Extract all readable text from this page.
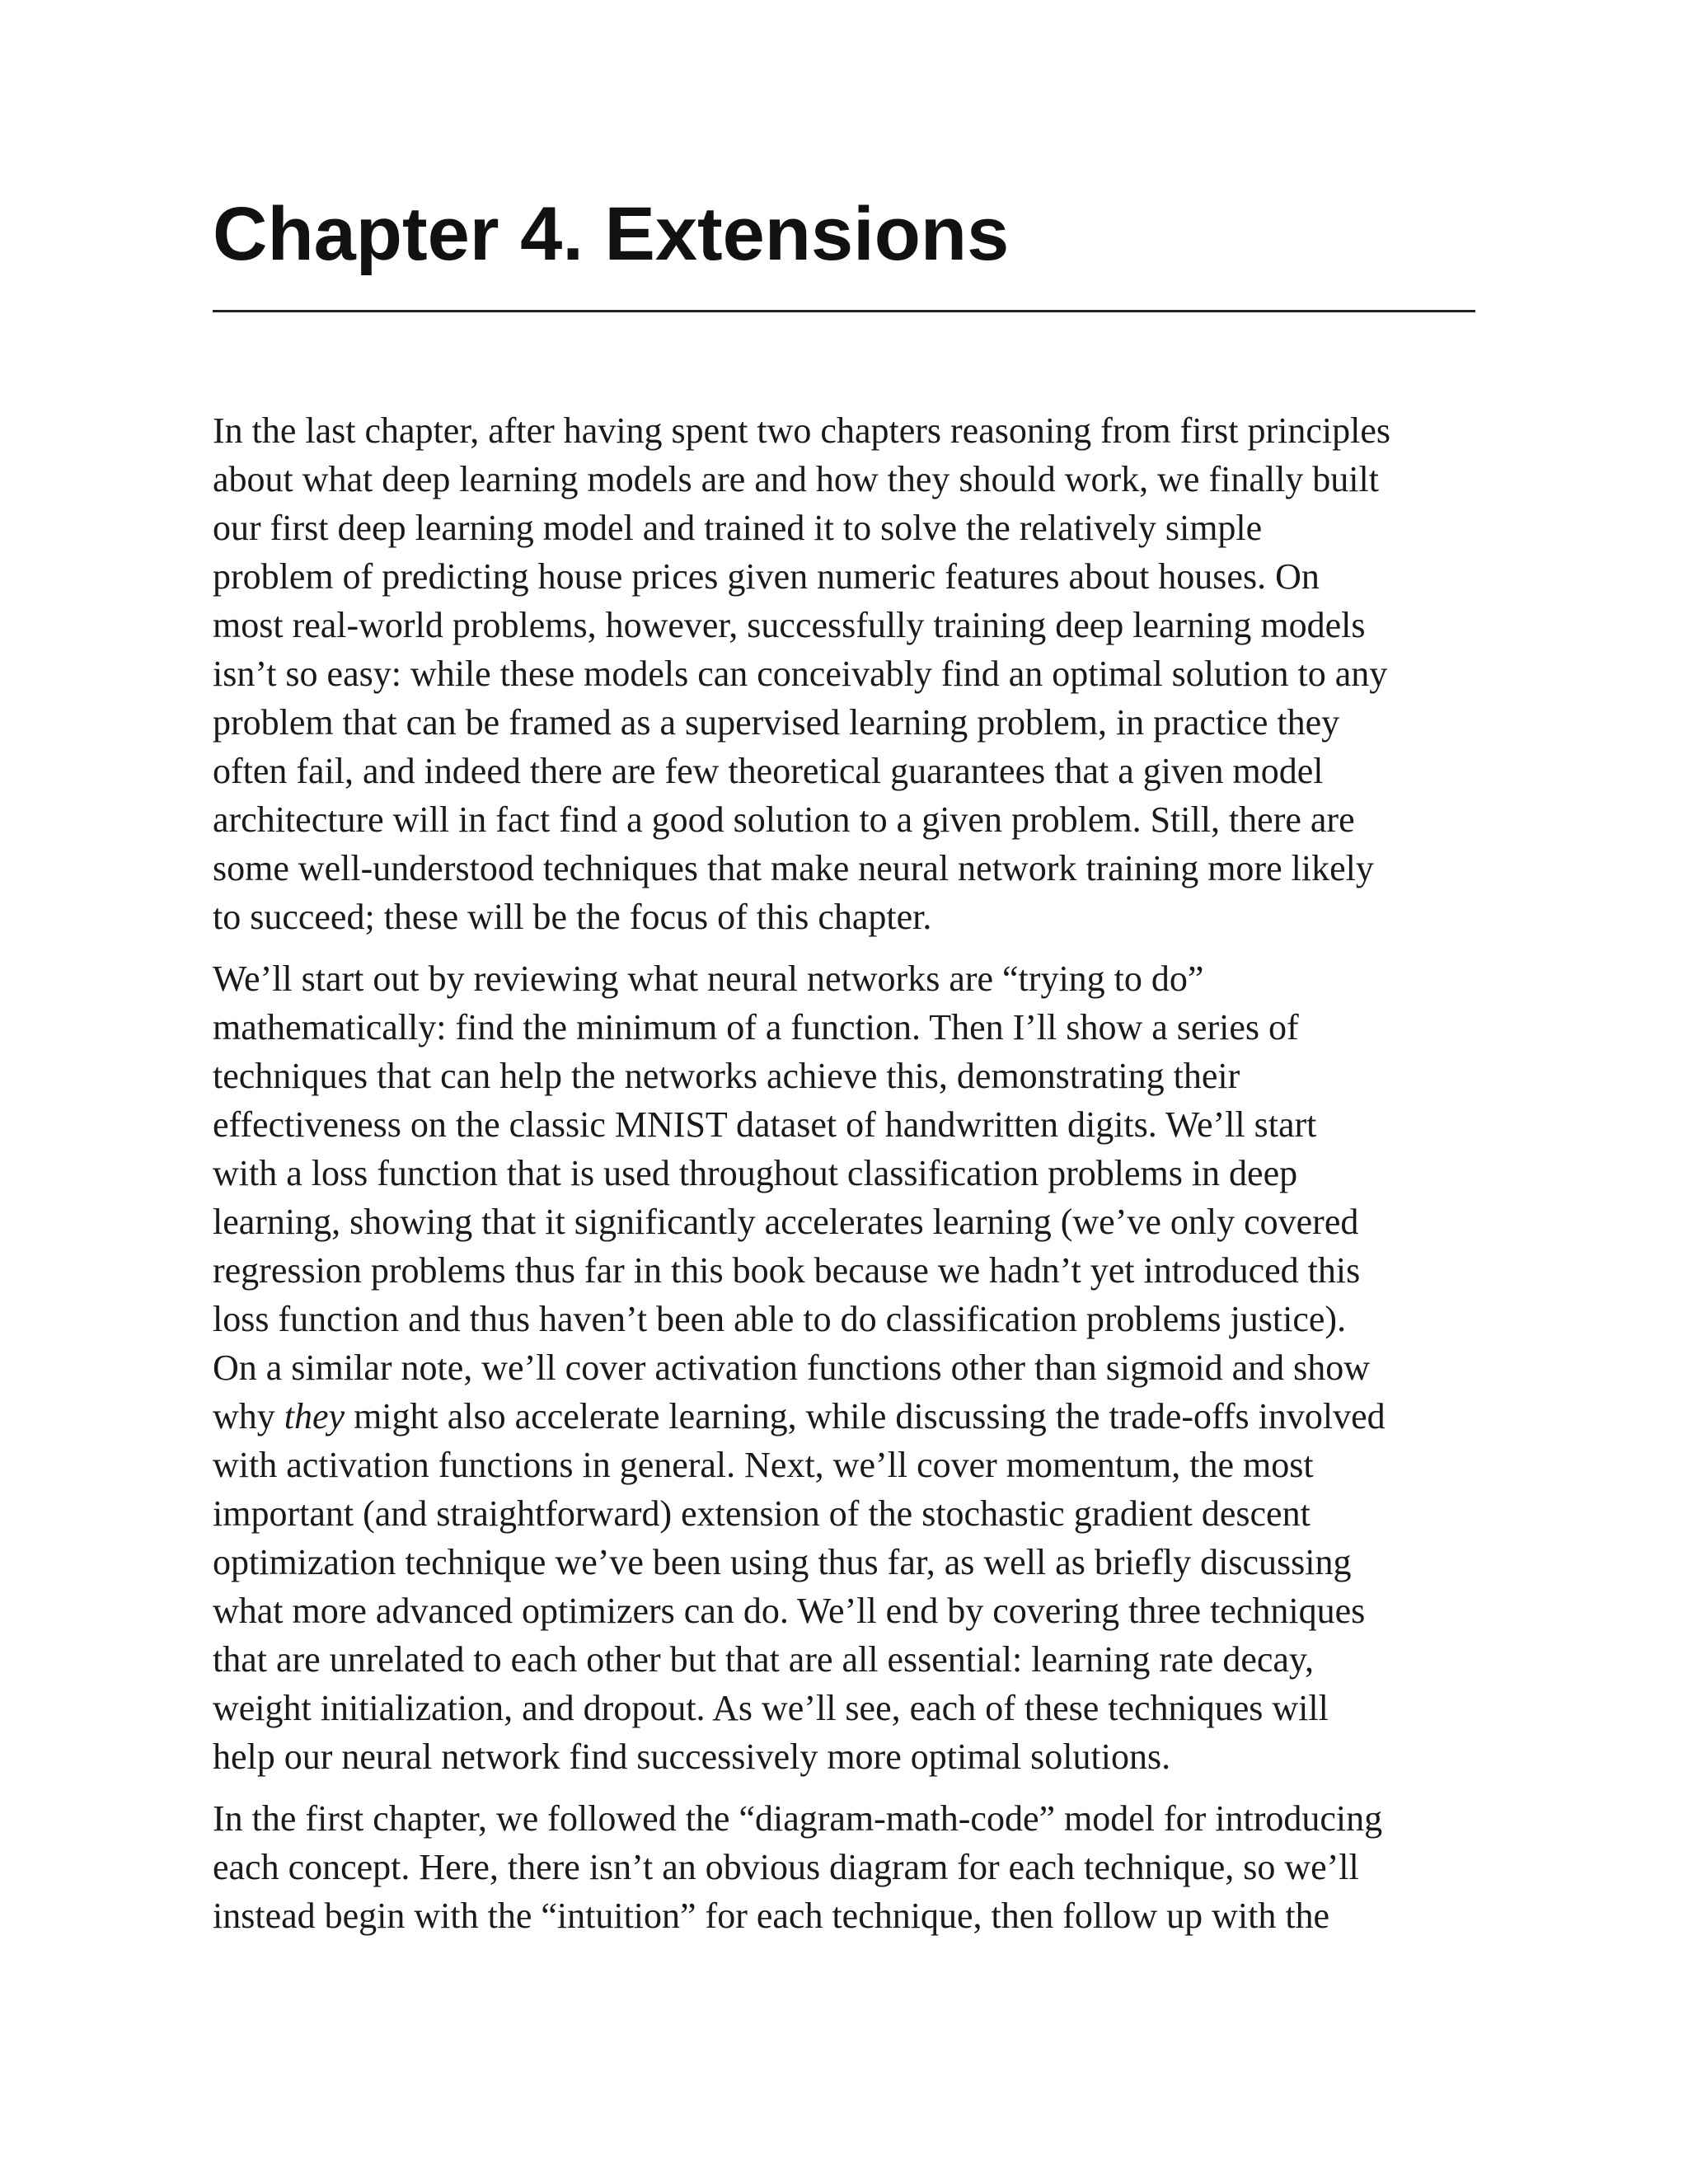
Chapter 4. Extensions

In the last chapter, after having spent two chapters reasoning from first principles
about what deep learning models are and how they should work, we finally built
our first deep learning model and trained it to solve the relatively simple
problem of predicting house prices given numeric features about houses. On
most real-world problems, however, successfully training deep learning models
isn’t so easy: while these models can conceivably find an optimal solution to any
problem that can be framed as a supervised learning problem, in practice they
often fail, and indeed there are few theoretical guarantees that a given model
architecture will in fact find a good solution to a given problem. Still, there are
some well-understood techniques that make neural network training more likely
to succeed; these will be the focus of this chapter.

We’ll start out by reviewing what neural networks are “trying to do”
mathematically: find the minimum of a function. Then I’ll show a series of
techniques that can help the networks achieve this, demonstrating their
effectiveness on the classic MNIST dataset of handwritten digits. We’ll start
with a loss function that is used throughout classification problems in deep
learning, showing that it significantly accelerates learning (we’ve only covered
regression problems thus far in this book because we hadn’t yet introduced this
loss function and thus haven’t been able to do classification problems justice).
On a similar note, we’ll cover activation functions other than sigmoid and show
why they might also accelerate learning, while discussing the trade-offs involved
with activation functions in general. Next, we’ll cover momentum, the most
important (and straightforward) extension of the stochastic gradient descent
optimization technique we’ve been using thus far, as well as briefly discussing
what more advanced optimizers can do. We’ll end by covering three techniques
that are unrelated to each other but that are all essential: learning rate decay,
weight initialization, and dropout. As we’ll see, each of these techniques will
help our neural network find successively more optimal solutions.

In the first chapter, we followed the “diagram-math-code” model for introducing
each concept. Here, there isn’t an obvious diagram for each technique, so we’ll
instead begin with the “intuition” for each technique, then follow up with the
